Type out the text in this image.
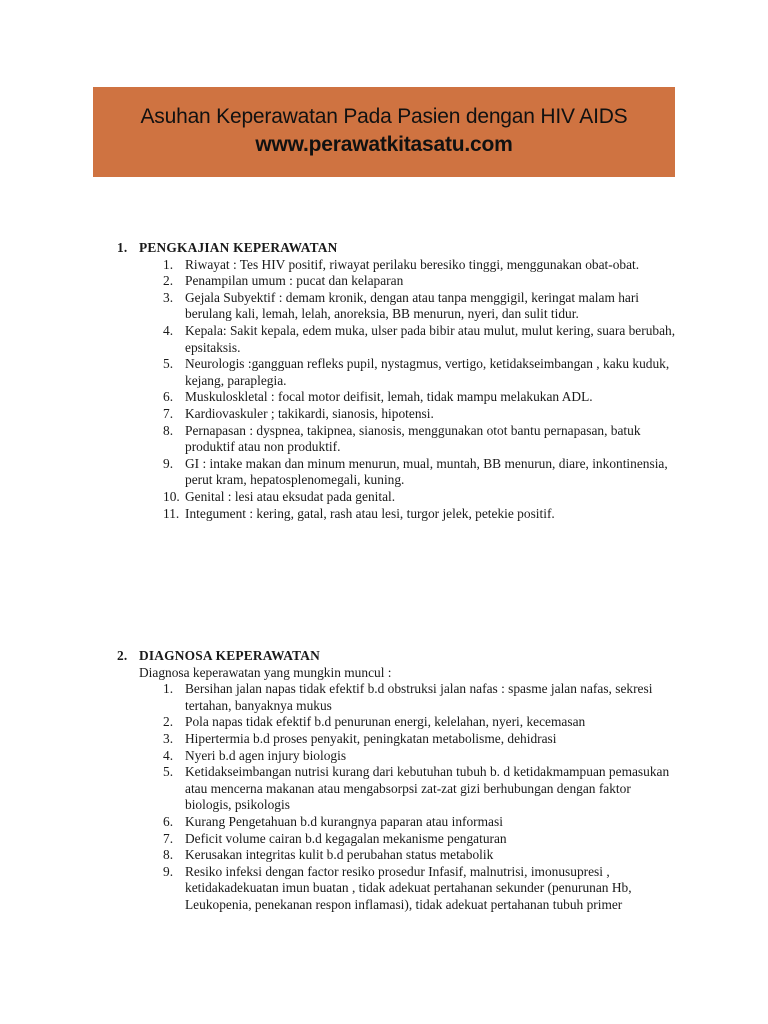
Asuhan Keperawatan Pada Pasien dengan HIV AIDS
www.perawatkitasatu.com
1. PENGKAJIAN KEPERAWATAN
1. Riwayat : Tes HIV positif, riwayat perilaku beresiko tinggi, menggunakan obat-obat.
2. Penampilan umum : pucat dan kelaparan
3. Gejala Subyektif : demam kronik, dengan atau tanpa menggigil, keringat malam hari berulang kali, lemah, lelah, anoreksia, BB menurun, nyeri, dan sulit tidur.
4. Kepala: Sakit kepala, edem muka, ulser pada bibir atau mulut, mulut kering, suara berubah, epsitaksis.
5. Neurologis :gangguan refleks pupil, nystagmus, vertigo, ketidakseimbangan , kaku kuduk, kejang, paraplegia.
6. Muskuloskletal : focal motor deifisit, lemah, tidak mampu melakukan ADL.
7. Kardiovaskuler ; takikardi, sianosis, hipotensi.
8. Pernapasan : dyspnea, takipnea, sianosis, menggunakan otot bantu pernapasan, batuk produktif atau non produktif.
9. GI : intake makan dan minum menurun, mual, muntah, BB menurun, diare, inkontinensia, perut kram, hepatosplenomegali, kuning.
10. Genital : lesi atau eksudat pada genital.
11. Integument : kering, gatal, rash atau lesi, turgor jelek, petekie positif.
2. DIAGNOSA KEPERAWATAN
Diagnosa keperawatan yang mungkin muncul :
1. Bersihan jalan napas tidak efektif b.d obstruksi jalan nafas : spasme jalan nafas, sekresi tertahan, banyaknya mukus
2. Pola napas tidak efektif b.d penurunan energi, kelelahan, nyeri, kecemasan
3. Hipertermia b.d proses penyakit, peningkatan metabolisme, dehidrasi
4. Nyeri b.d agen injury biologis
5. Ketidakseimbangan nutrisi kurang dari kebutuhan tubuh b. d ketidakmampuan pemasukan atau mencerna makanan atau mengabsorpsi zat-zat gizi berhubungan dengan faktor biologis, psikologis
6. Kurang Pengetahuan b.d kurangnya paparan atau informasi
7. Deficit volume cairan b.d kegagalan mekanisme pengaturan
8. Kerusakan integritas kulit b.d perubahan status metabolik
9. Resiko infeksi dengan factor resiko prosedur Infasif, malnutrisi, imonusupresi , ketidakadekuatan imun buatan , tidak adekuat pertahanan sekunder (penurunan Hb, Leukopenia, penekanan respon inflamasi), tidak adekuat pertahanan tubuh primer
